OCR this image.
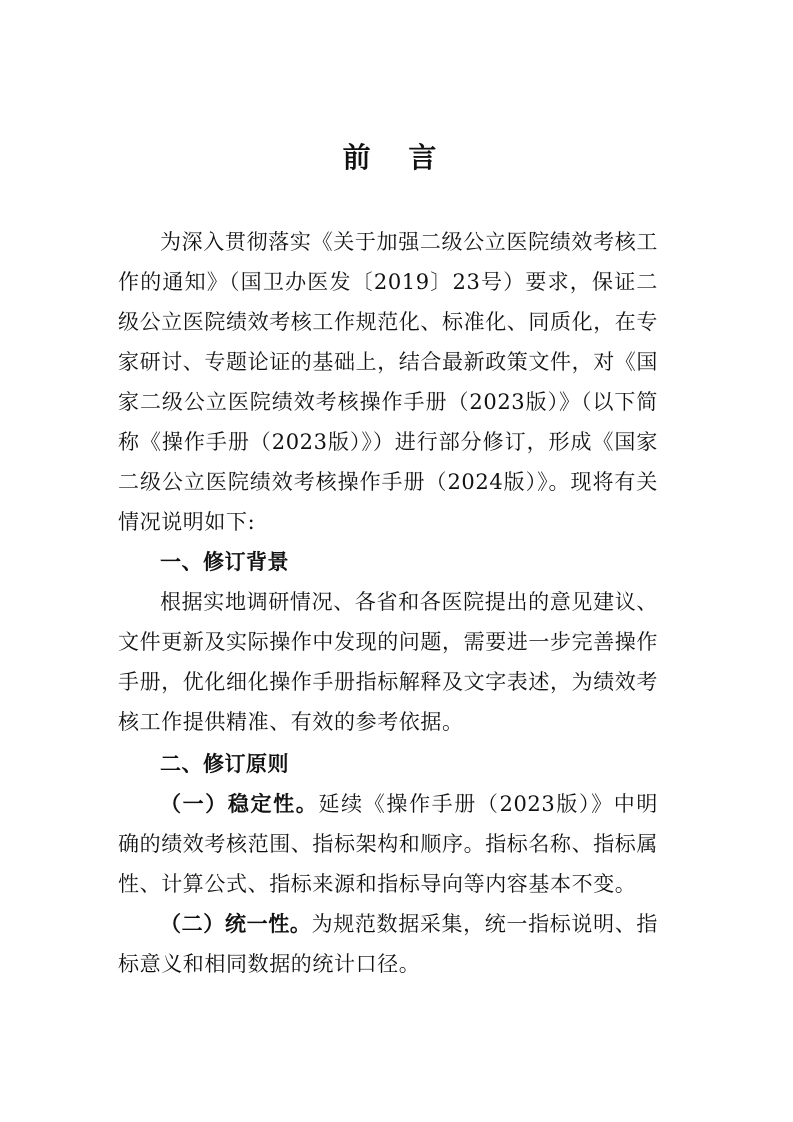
前 言

为深入贯彻落实《关于加强二级公立医院绩效考核工作的通知》（国卫办医发〔2019〕23号）要求，保证二级公立医院绩效考核工作规范化、标准化、同质化，在专家研讨、专题论证的基础上，结合最新政策文件，对《国家二级公立医院绩效考核操作手册（2023版）》（以下简称《操作手册（2023版）》）进行部分修订，形成《国家二级公立医院绩效考核操作手册（2024版）》。现将有关情况说明如下:

一、修订背景

根据实地调研情况、各省和各医院提出的意见建议、文件更新及实际操作中发现的问题，需要进一步完善操作手册，优化细化操作手册指标解释及文字表述，为绩效考核工作提供精准、有效的参考依据。

二、修订原则

（一）稳定性。延续《操作手册（2023版）》中明确的绩效考核范围、指标架构和顺序。指标名称、指标属性、计算公式、指标来源和指标导向等内容基本不变。

（二）统一性。为规范数据采集，统一指标说明、指标意义和相同数据的统计口径。
